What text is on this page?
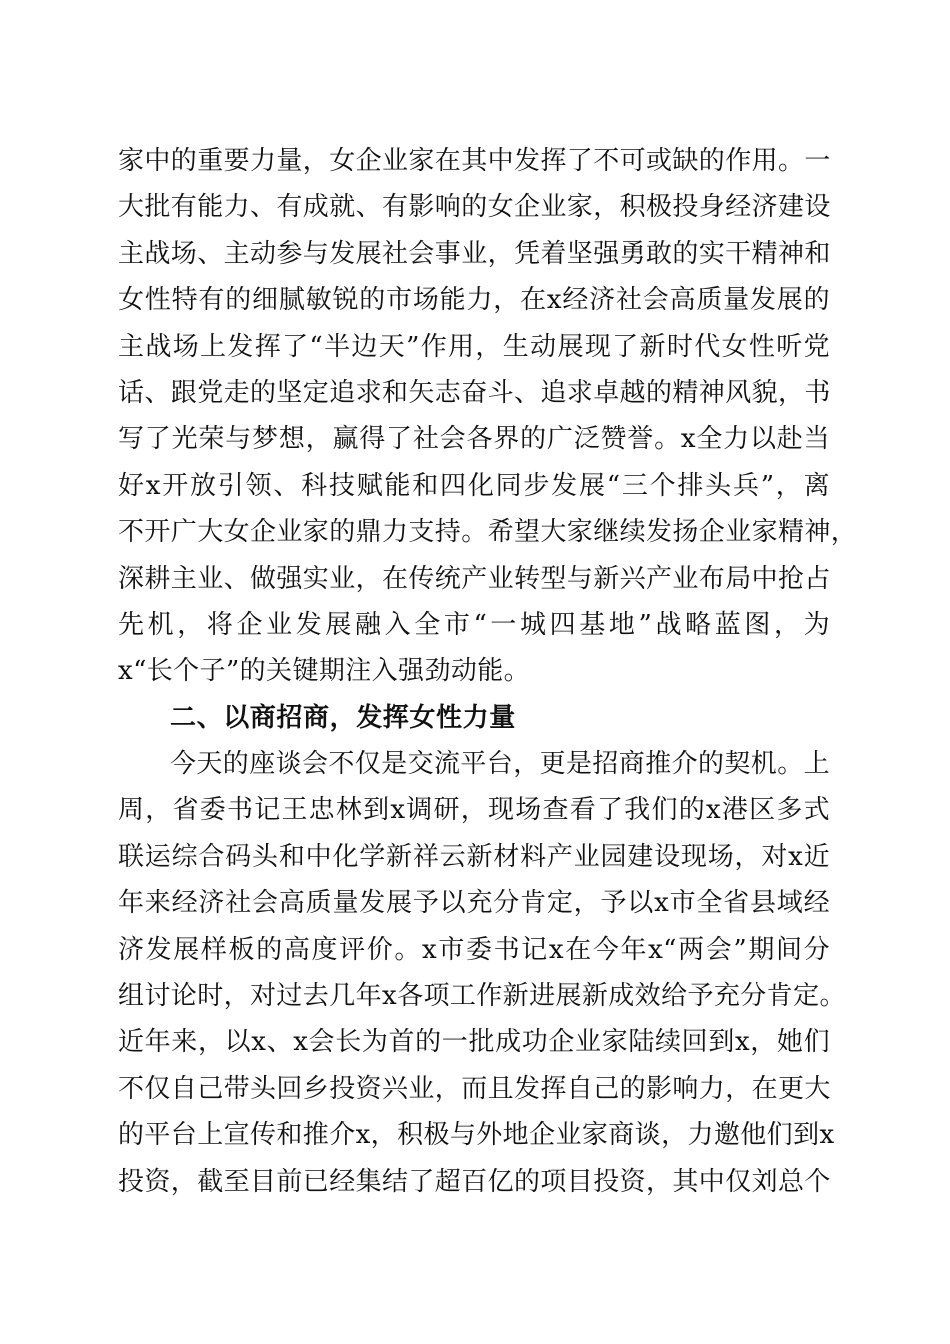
家中的重要力量，女企业家在其中发挥了不可或缺的作用。一
大批有能力、有成就、有影响的女企业家，积极投身经济建设
主战场、主动参与发展社会事业，凭着坚强勇敢的实干精神和
女性特有的细腻敏锐的市场能力，在x经济社会高质量发展的
主战场上发挥了“半边天”作用，生动展现了新时代女性听党
话、跟党走的坚定追求和矢志奋斗、追求卓越的精神风貌，书
写了光荣与梦想，赢得了社会各界的广泛赞誉。x全力以赴当
好x开放引领、科技赋能和四化同步发展“三个排头兵”，离
不开广大女企业家的鼎力支持。希望大家继续发扬企业家精神，
深耕主业、做强实业，在传统产业转型与新兴产业布局中抢占
先机，将企业发展融入全市“一城四基地”战略蓝图，为
x“长个子”的关键期注入强劲动能。
二、以商招商，发挥女性力量
今天的座谈会不仅是交流平台，更是招商推介的契机。上
周，省委书记王忠林到x调研，现场查看了我们的x港区多式
联运综合码头和中化学新祥云新材料产业园建设现场，对x近
年来经济社会高质量发展予以充分肯定，予以x市全省县域经
济发展样板的高度评价。x市委书记x在今年x“两会”期间分
组讨论时，对过去几年x各项工作新进展新成效给予充分肯定。
近年来，以x、x会长为首的一批成功企业家陆续回到x，她们
不仅自己带头回乡投资兴业，而且发挥自己的影响力，在更大
的平台上宣传和推介x，积极与外地企业家商谈，力邀他们到x
投资，截至目前已经集结了超百亿的项目投资，其中仅刘总个
